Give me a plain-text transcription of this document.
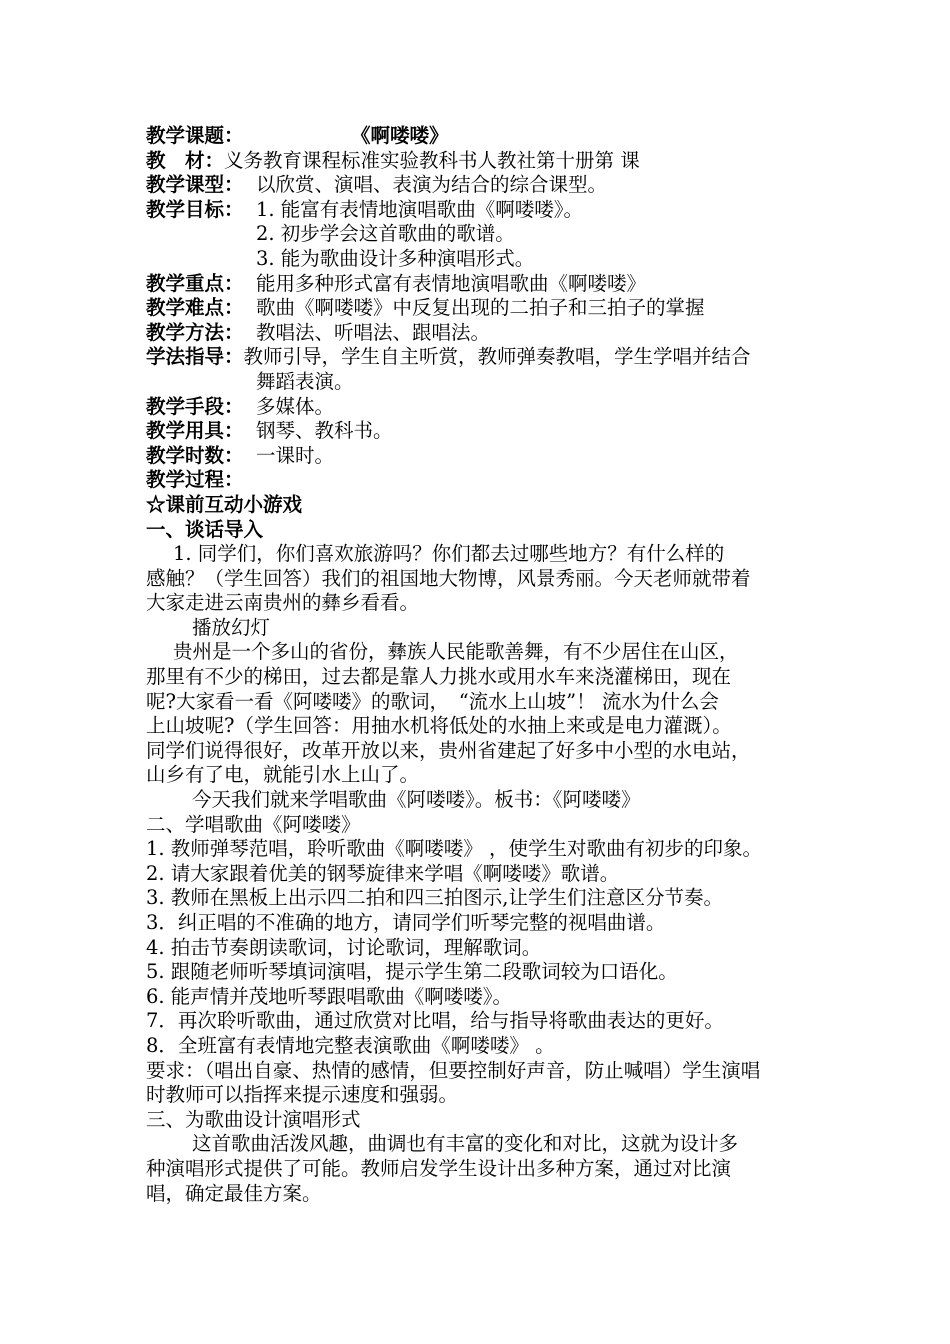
教学课题：	《啊喽喽》
教　材：义务教育课程标准实验教科书人教社第十册第 课
教学课型： 以欣赏、演唱、表演为结合的综合课型。
教学目标： 1. 能富有表情地演唱歌曲《啊喽喽》。
2. 初步学会这首歌曲的歌谱。
3. 能为歌曲设计多种演唱形式。
教学重点： 能用多种形式富有表情地演唱歌曲《啊喽喽》
教学难点： 歌曲《啊喽喽》中反复出现的二拍子和三拍子的掌握
教学方法： 教唱法、听唱法、跟唱法。
学法指导：教师引导，学生自主听赏，教师弹奏教唱，学生学唱并结合
舞蹈表演。
教学手段： 多媒体。
教学用具： 钢琴、教科书。
教学时数： 一课时。
教学过程：
☆课前互动小游戏
一、谈话导入
1. 同学们，你们喜欢旅游吗？你们都去过哪些地方？有什么样的
感触？（学生回答）我们的祖国地大物博，风景秀丽。今天老师就带着
大家走进云南贵州的彝乡看看。
播放幻灯
贵州是一个多山的省份，彝族人民能歌善舞，有不少居住在山区，
那里有不少的梯田，过去都是靠人力挑水或用水车来浇灌梯田，现在
呢?大家看一看《阿喽喽》的歌词，　“流水上山坡”！ 流水为什么会
上山坡呢?（学生回答：用抽水机将低处的水抽上来或是电力灌溉）。
同学们说得很好，改革开放以来，贵州省建起了好多中小型的水电站，
山乡有了电，就能引水上山了。
今天我们就来学唱歌曲《阿喽喽》。板书：《阿喽喽》
二、学唱歌曲《阿喽喽》
1. 教师弹琴范唱，聆听歌曲《啊喽喽》 ，使学生对歌曲有初步的印象。
2. 请大家跟着优美的钢琴旋律来学唱《啊喽喽》歌谱。
3. 教师在黑板上出示四二拍和四三拍图示,让学生们注意区分节奏。
3．纠正唱的不准确的地方，请同学们听琴完整的视唱曲谱。
4. 拍击节奏朗读歌词，讨论歌词，理解歌词。
5. 跟随老师听琴填词演唱，提示学生第二段歌词较为口语化。
6. 能声情并茂地听琴跟唱歌曲《啊喽喽》。
7．再次聆听歌曲，通过欣赏对比唱，给与指导将歌曲表达的更好。
8．全班富有表情地完整表演歌曲《啊喽喽》 。
要求：（唱出自豪、热情的感情，但要控制好声音，防止喊唱）学生演唱
时教师可以指挥来提示速度和强弱。
三、为歌曲设计演唱形式
这首歌曲活泼风趣，曲调也有丰富的变化和对比，这就为设计多
种演唱形式提供了可能。教师启发学生设计出多种方案，通过对比演
唱，确定最佳方案。
